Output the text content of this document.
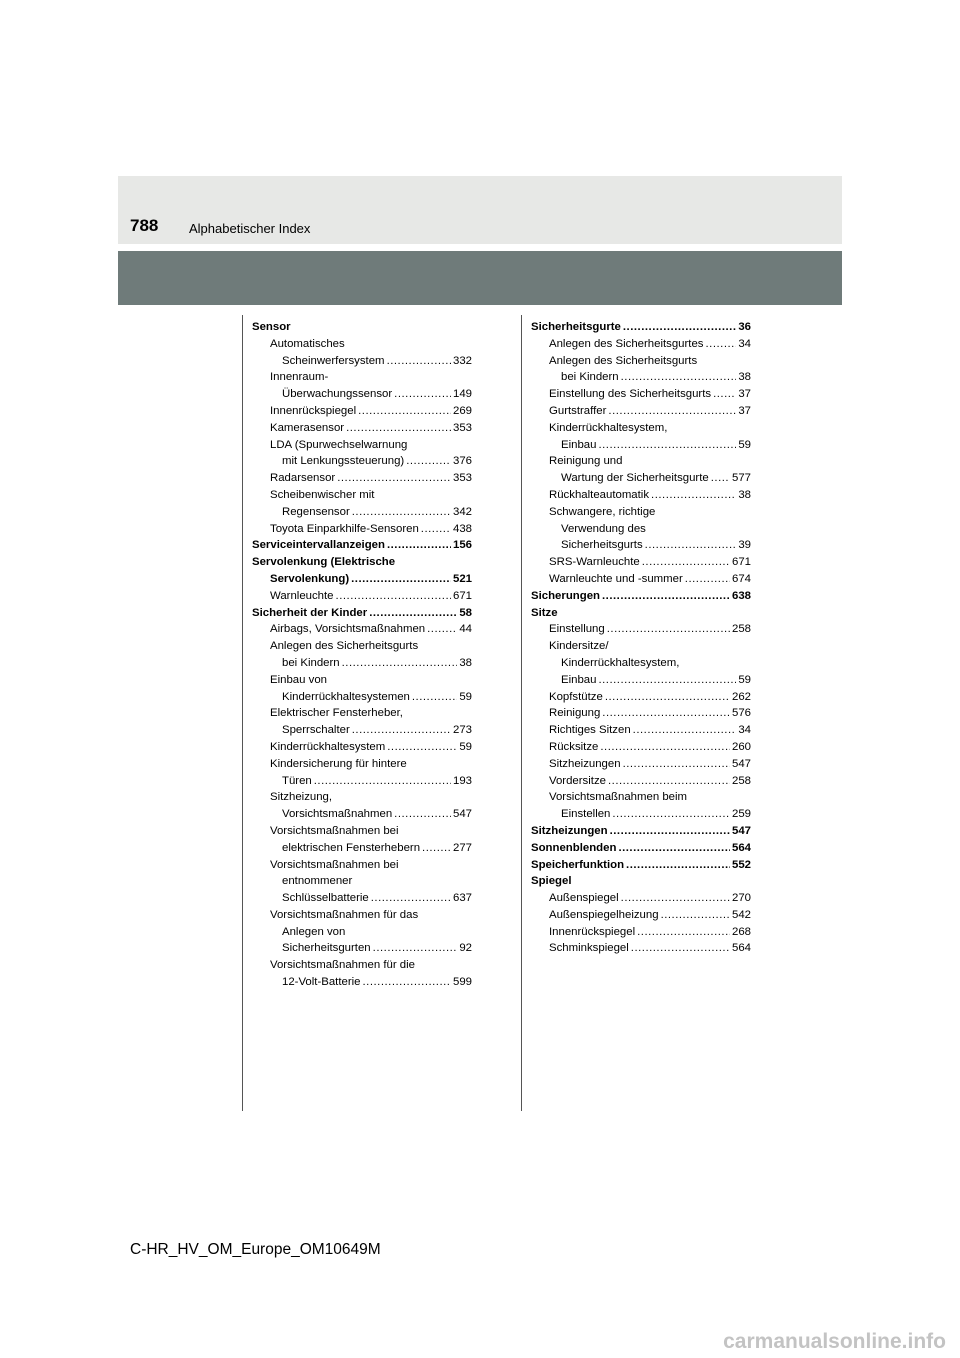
788 Alphabetischer Index
Sensor
Automatisches
Scheinwerfersystem .....	332
Innenraum-
Überwachungssensor .....	149
Innenrückspiegel .....	269
Kamerasensor .....	353
LDA (Spurwechselwarnung
mit Lenkungssteuerung) .....	376
Radarsensor .....	353
Scheibenwischer mit
Regensensor .....	342
Toyota Einparkhilfe-Sensoren .....	438
Serviceintervallanzeigen .....	156
Servolenkung (Elektrische
Servolenkung) .....	521
Warnleuchte .....	671
Sicherheit der Kinder .....	58
Airbags, Vorsichtsmaßnahmen .....	44
Anlegen des Sicherheitsgurts
bei Kindern .....	38
Einbau von
Kinderrückhaltesystemen .....	59
Elektrischer Fensterheber,
Sperrschalter .....	273
Kinderrückhaltesystem .....	59
Kindersicherung für hintere
Türen .....	193
Sitzheizung,
Vorsichtsmaßnahmen .....	547
Vorsichtsmaßnahmen bei
elektrischen Fensterhebern .....	277
Vorsichtsmaßnahmen bei
entnommener
Schlüsselbatterie .....	637
Vorsichtsmaßnahmen für das
Anlegen von
Sicherheitsgurten .....	92
Vorsichtsmaßnahmen für die
12-Volt-Batterie .....	599
Sicherheitsgurte .....	36
Anlegen des Sicherheitsgurtes .....	34
Anlegen des Sicherheitsgurts
bei Kindern .....	38
Einstellung des Sicherheitsgurts ..... 37
Gurtstraffer .....	37
Kinderrückhaltesystem,
Einbau .....	59
Reinigung und
Wartung der Sicherheitsgurte ..... 577
Rückhalteautomatik .....	38
Schwangere, richtige
Verwendung des
Sicherheitsgurts .....	39
SRS-Warnleuchte .....	671
Warnleuchte und -summer .....	674
Sicherungen .....	638
Sitze
Einstellung .....	258
Kindersitze/
Kinderrückhaltesystem,
Einbau .....	59
Kopfstütze .....	262
Reinigung .....	576
Richtiges Sitzen .....	34
Rücksitze .....	260
Sitzheizungen .....	547
Vordersitze .....	258
Vorsichtsmaßnahmen beim
Einstellen .....	259
Sitzheizungen .....	547
Sonnenblenden .....	564
Speicherfunktion .....	552
Spiegel
Außenspiegel .....	270
Außenspiegelheizung .....	542
Innenrückspiegel .....	268
Schminkspiegel .....	564
C-HR_HV_OM_Europe_OM10649M
carmanualsonline.info
